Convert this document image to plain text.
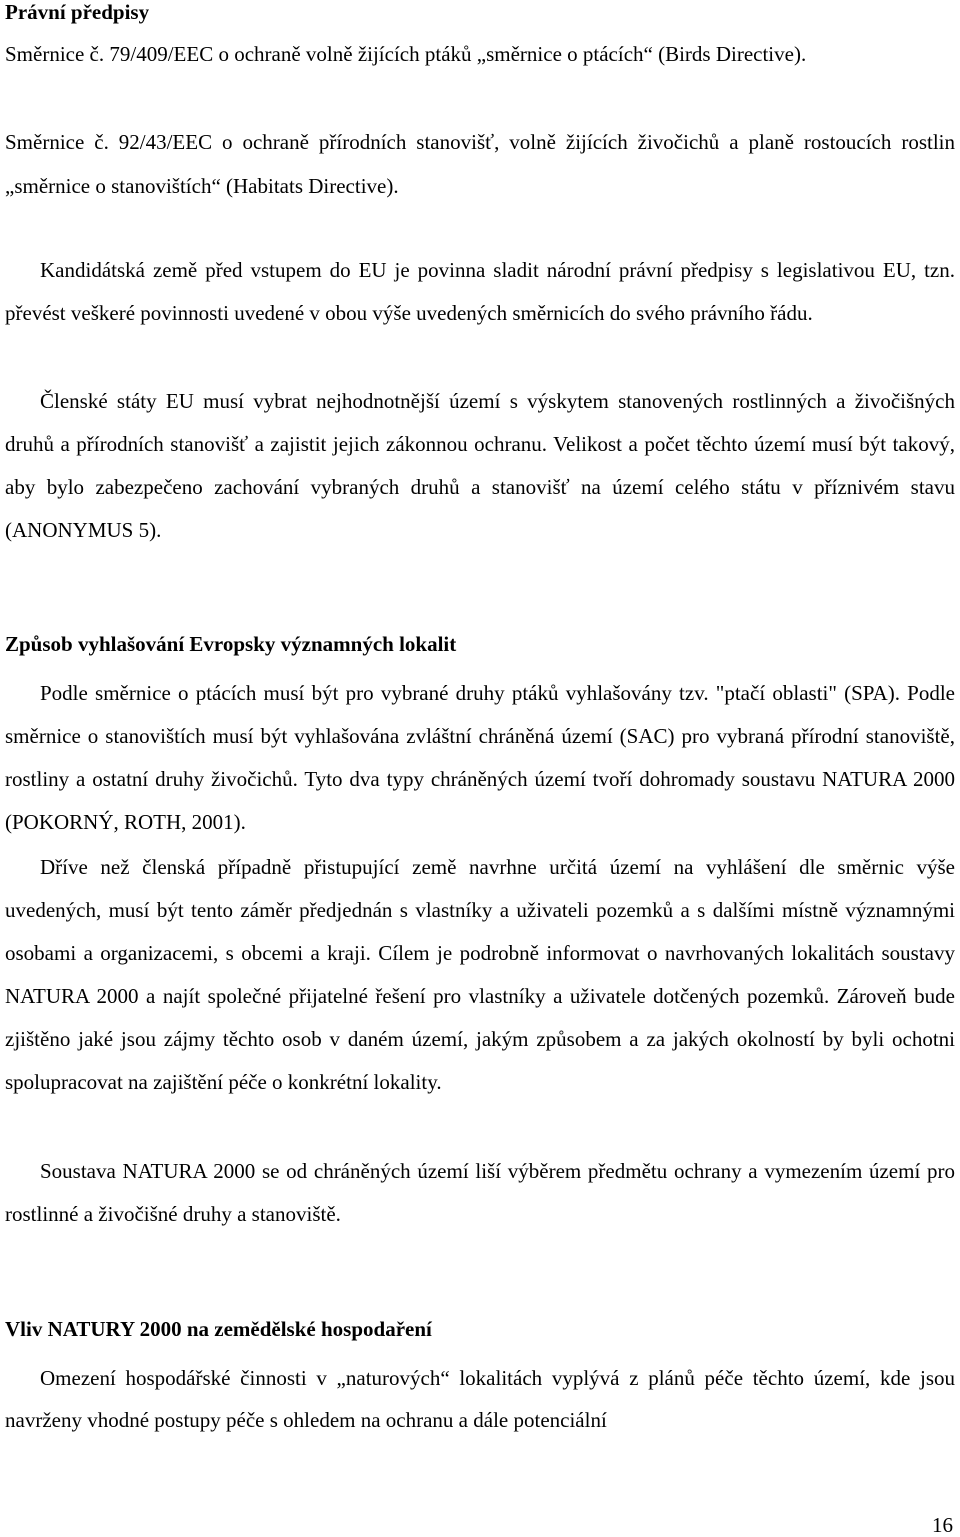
Právní předpisy

Směrnice č. 79/409/EEC o ochraně volně žijících ptáků „směrnice o ptácích“ (Birds Directive).

Směrnice č. 92/43/EEC o ochraně přírodních stanovišť, volně žijících živočichů a planě rostoucích rostlin „směrnice o stanovištích“ (Habitats Directive).

Kandidátská země před vstupem do EU je povinna sladit národní právní předpisy s legislativou EU, tzn. převést veškeré povinnosti uvedené v obou výše uvedených směrnicích do svého právního řádu.

Členské státy EU musí vybrat nejhodnotnější území s výskytem stanovených rostlinných a živočišných druhů a přírodních stanovišť a zajistit jejich zákonnou ochranu. Velikost a počet těchto území musí být takový, aby bylo zabezpečeno zachování vybraných druhů a stanovišť na území celého státu v příznivém stavu (ANONYMUS 5).

Způsob vyhlašování Evropsky významných lokalit

Podle směrnice o ptácích musí být pro vybrané druhy ptáků vyhlašovány tzv. "ptačí oblasti" (SPA). Podle směrnice o stanovištích musí být vyhlašována zvláštní chráněná území (SAC) pro vybraná přírodní stanoviště, rostliny a ostatní druhy živočichů. Tyto dva typy chráněných území tvoří dohromady soustavu NATURA 2000 (POKORNÝ, ROTH, 2001).

Dříve než členská případně přistupující země navrhne určitá území na vyhlášení dle směrnic výše uvedených, musí být tento záměr předjednán s vlastníky a uživateli pozemků a s dalšími místně významnými osobami a organizacemi, s obcemi a kraji. Cílem je podrobně informovat o navrhovaných lokalitách soustavy NATURA 2000 a najít společné přijatelné řešení pro vlastníky a uživatele dotčených pozemků. Zároveň bude zjištěno jaké jsou zájmy těchto osob v daném území, jakým způsobem a za jakých okolností by byli ochotni spolupracovat na zajištění péče o konkrétní lokality.

Soustava NATURA 2000 se od chráněných území liší výběrem předmětu ochrany a vymezením území pro rostlinné a živočišné druhy a stanoviště.

Vliv NATURY 2000 na zemědělské hospodaření

Omezení hospodářské činnosti v „naturových“ lokalitách vyplývá z plánů péče těchto území, kde jsou navrženy vhodné postupy péče s ohledem na ochranu a dále potenciální

16
